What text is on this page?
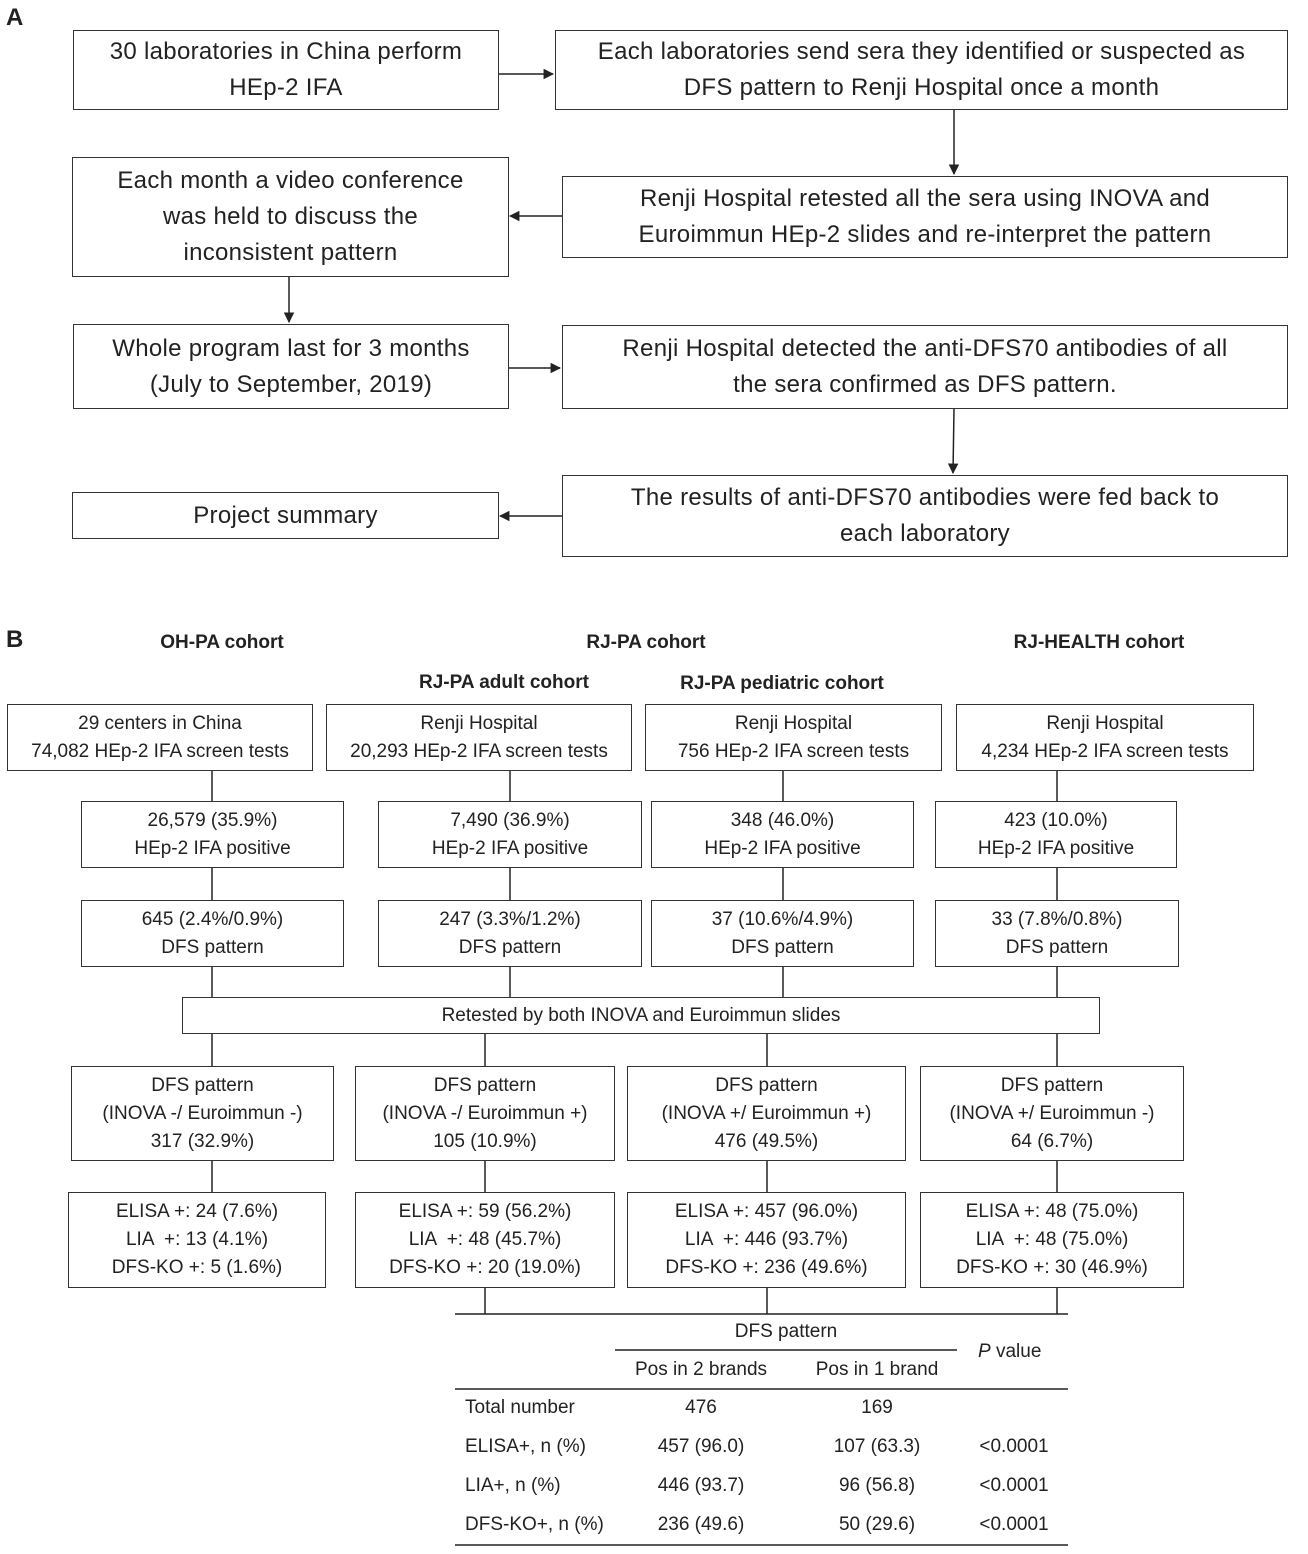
A
30 laboratories in China perform
HEp-2 IFA
Each laboratories send sera they identified or suspected as
DFS pattern to Renji Hospital once a month
Each month a video conference
was held to discuss the
inconsistent pattern
Renji Hospital retested all the sera using INOVA and
Euroimmun HEp-2 slides and re-interpret the pattern
Whole program last for 3 months
(July to September, 2019)
Renji Hospital detected the anti-DFS70 antibodies of all
the sera confirmed as DFS pattern.
Project summary
The results of anti-DFS70 antibodies were fed back to
each laboratory
B	OH-PA cohort	RJ-PA cohort	RJ-HEALTH cohort
RJ-PA adult cohort	RJ-PA pediatric cohort
29 centers in China
74,082 HEp-2 IFA screen tests
Renji Hospital
20,293 HEp-2 IFA screen tests
Renji Hospital
756 HEp-2 IFA screen tests
Renji Hospital
4,234 HEp-2 IFA screen tests
26,579 (35.9%)
HEp-2 IFA positive
7,490 (36.9%)
HEp-2 IFA positive
348 (46.0%)
HEp-2 IFA positive
423 (10.0%)
HEp-2 IFA positive
645 (2.4%/0.9%)
DFS pattern
247 (3.3%/1.2%)
DFS pattern
37 (10.6%/4.9%)
DFS pattern
33 (7.8%/0.8%)
DFS pattern
Retested by both INOVA and Euroimmun slides
DFS pattern
(INOVA -/ Euroimmun -)
317 (32.9%)
DFS pattern
(INOVA -/ Euroimmun +)
105 (10.9%)
DFS pattern
(INOVA +/ Euroimmun +)
476 (49.5%)
DFS pattern
(INOVA +/ Euroimmun -)
64 (6.7%)
ELISA +: 24 (7.6%)
LIA  +: 13 (4.1%)
DFS-KO +: 5 (1.6%)
ELISA +: 59 (56.2%)
LIA  +: 48 (45.7%)
DFS-KO +: 20 (19.0%)
ELISA +: 457 (96.0%)
LIA  +: 446 (93.7%)
DFS-KO +: 236 (49.6%)
ELISA +: 48 (75.0%)
LIA  +: 48 (75.0%)
DFS-KO +: 30 (46.9%)
DFS pattern
P value
Pos in 2 brands	Pos in 1 brand
Total number	476	169
ELISA+, n (%)	457 (96.0)	107 (63.3)	<0.0001
LIA+, n (%)	446 (93.7)	96 (56.8)	<0.0001
DFS-KO+, n (%)	236 (49.6)	50 (29.6)	<0.0001
